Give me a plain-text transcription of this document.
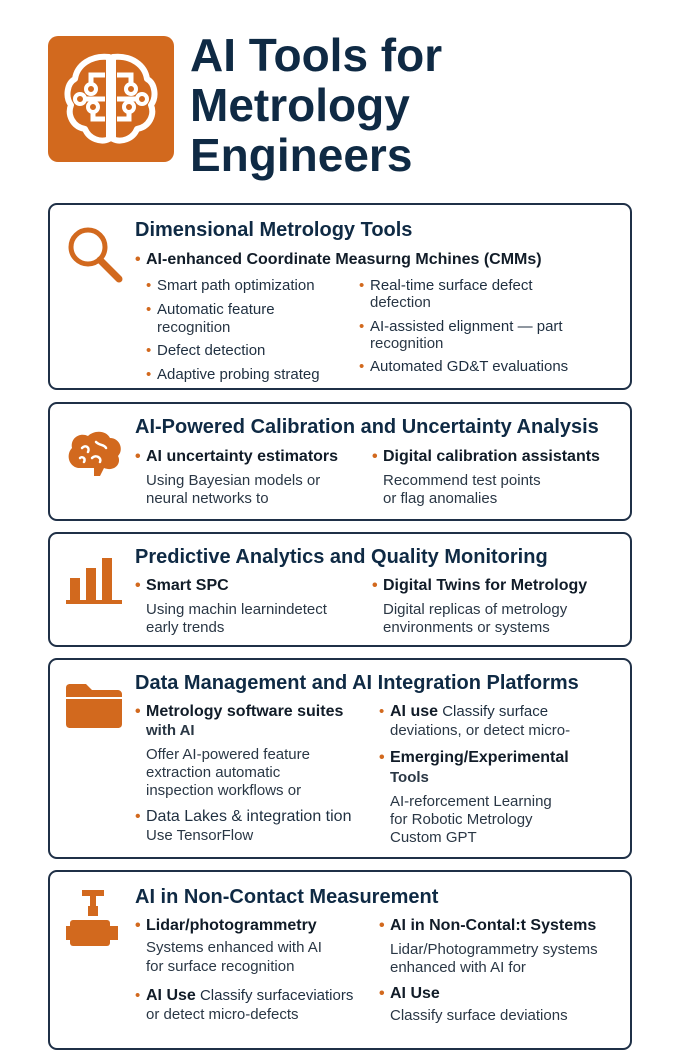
AI Tools for
Metrology
Engineers
Dimensional Metrology Tools
• AI-enhanced Coordinate Measurng Mchines (CMMs)
• Smart path optimization
• Automatic feature
recognition
• Defect detection
• Adaptive probing strateg
• Real-time surface defect
defection
• AI-assisted elignment — part
recognition
• Automated GD&T evaluations
AI-Powered Calibration and Uncertainty Analysis
• AI uncertainty estimators
Using Bayesian models or
neural networks to
• Digital calibration assistants
Recommend test points
or flag anomalies
Predictive Analytics and Quality Monitoring
• Smart SPC
Using machin learnindetect
early trends
• Digital Twins for Metrology
Digital replicas of metrology
environments or systems
Data Management and AI Integration Platforms
• Metrology software suites
with AI
Offer AI-powered feature
extraction automatic
inspection workflows or
• Data Lakes & integration tion
Use TensorFlow
• AI use Classify surface
deviations, or detect micro-
• Emerging/Experimental
Tools
AI-reforcement Learning
for Robotic Metrology
Custom GPT
AI in Non-Contact Measurement
• Lidar/photogrammetry
Systems enhanced with AI
for surface recognition
• AI Use Classify surfaceviatiors
or detect micro-defects
• AI in Non-Contal:t Systems
Lidar/Photogrammetry systems
enhanced with AI for
• AI Use
Classify surface deviations
